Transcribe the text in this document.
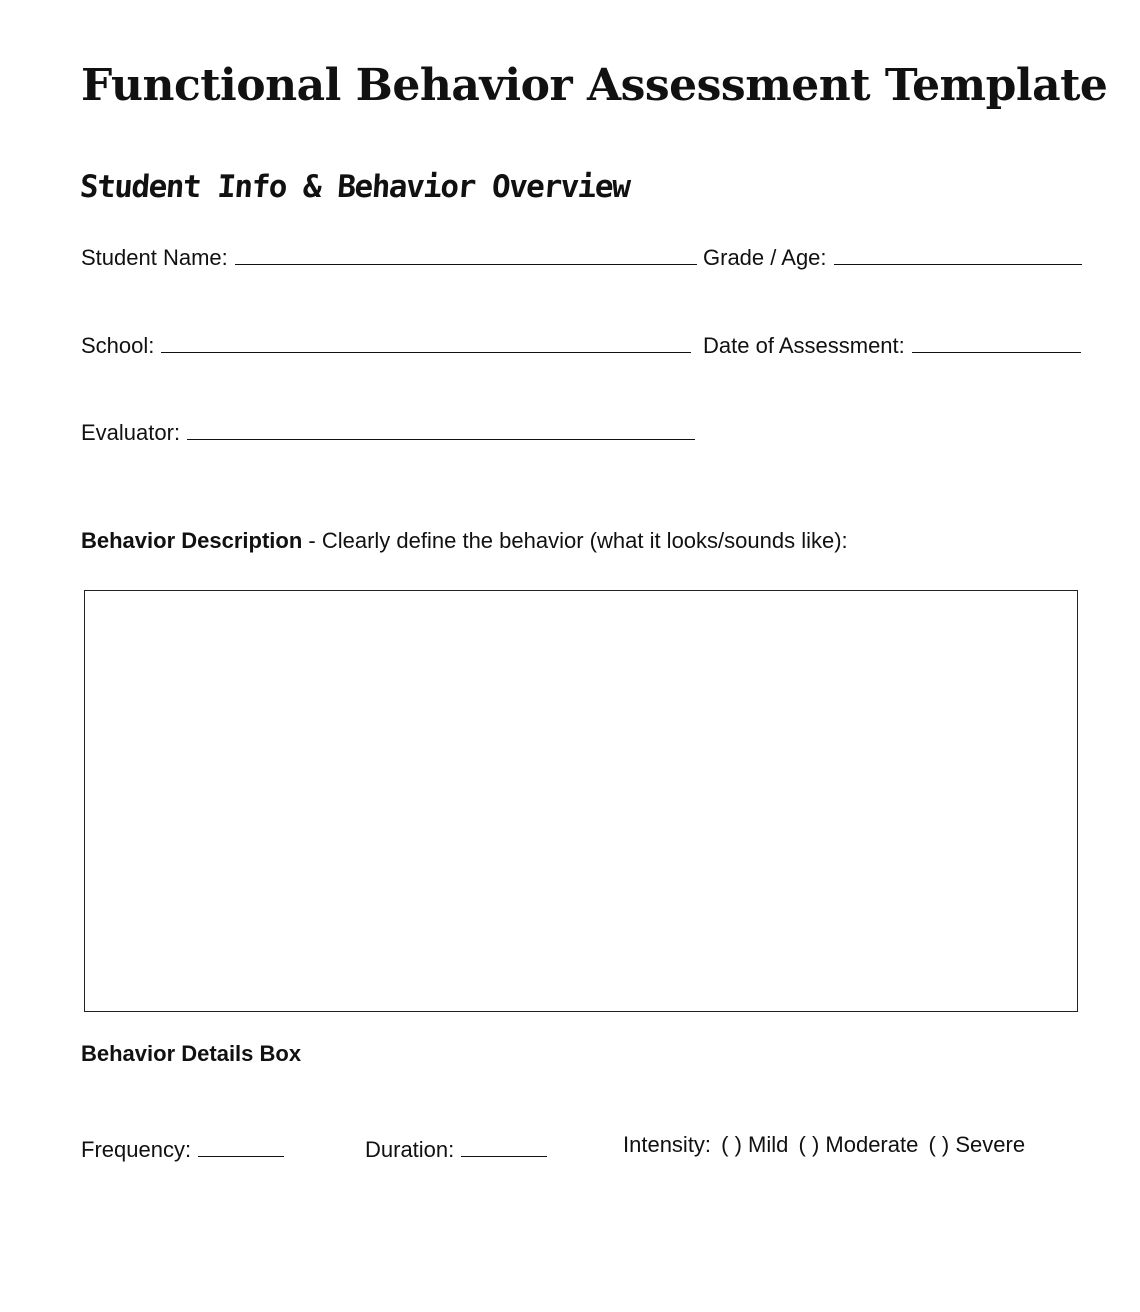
Functional Behavior Assessment Template
Student Info & Behavior Overview
Student Name:	Grade / Age:
School:	Date of Assessment:
Evaluator:
Behavior Description - Clearly define the behavior (what it looks/sounds like):
Behavior Details Box
Frequency:	Duration:	Intensity: ( ) Mild ( ) Moderate ( ) Severe
